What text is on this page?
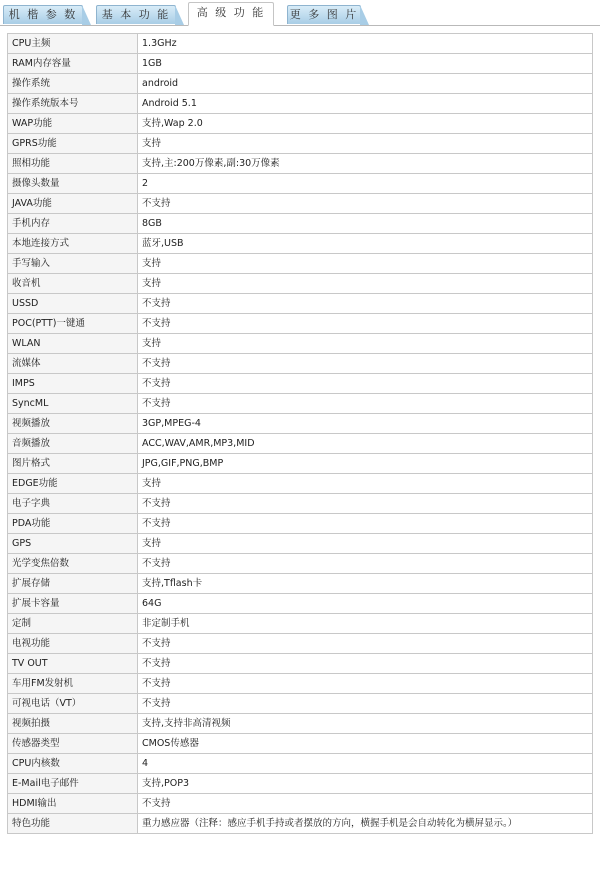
机 楷 参 数	基 本 功 能	高 级 功 能	更 多 图 片
CPU主频	1.3GHz
RAM内存容量	1GB
操作系统	android
操作系统版本号	Android 5.1
WAP功能	支持,Wap 2.0
GPRS功能	支持
照相功能	支持,主:200万像素,副:30万像素
摄像头数量	2
JAVA功能	不支持
手机内存	8GB
本地连接方式	蓝牙,USB
手写输入	支持
收音机	支持
USSD	不支持
POC(PTT)一键通	不支持
WLAN	支持
流媒体	不支持
IMPS	不支持
SyncML	不支持
视频播放	3GP,MPEG-4
音频播放	ACC,WAV,AMR,MP3,MID
图片格式	JPG,GIF,PNG,BMP
EDGE功能	支持
电子字典	不支持
PDA功能	不支持
GPS	支持
光学变焦倍数	不支持
扩展存储	支持,Tflash卡
扩展卡容量	64G
定制	非定制手机
电视功能	不支持
TV OUT	不支持
车用FM发射机	不支持
可视电话（VT）	不支持
视频拍摄	支持,支持非高清视频
传感器类型	CMOS传感器
CPU内核数	4
E-Mail电子邮件	支持,POP3
HDMI输出	不支持
特色功能	重力感应器（注释：感应手机手持或者摆放的方向，横握手机是会自动转化为横屏显示。）
